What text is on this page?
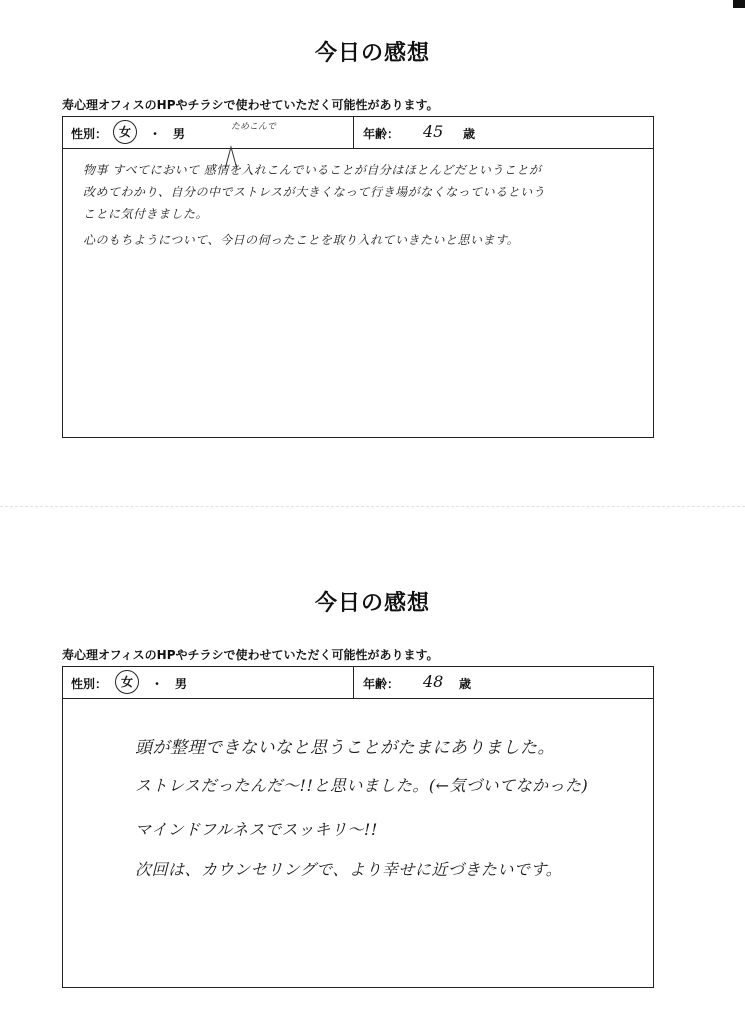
今日の感想
寿心理オフィスのHPやチラシで使わせていただく可能性があります。
性別： 女	・ 男	ためこんで	年齢： 45 歳
物事 すべてにおいて 感情を入れこんでいることが自分はほとんどだということが
改めてわかり、自分の中でストレスが大きくなって行き場がなくなっているという
ことに気付きました。
心のもちようについて、今日の伺ったことを取り入れていきたいと思います。
今日の感想
寿心理オフィスのHPやチラシで使わせていただく可能性があります。
性別：	女	・ 男	年齢： 48 歳
頭が整理できないなと思うことがたまにありました。
ストレスだったんだ〜!!と思いました。(←気づいてなかった)
マインドフルネスでスッキリ〜!!
次回は、カウンセリングで、より幸せに近づきたいです。
